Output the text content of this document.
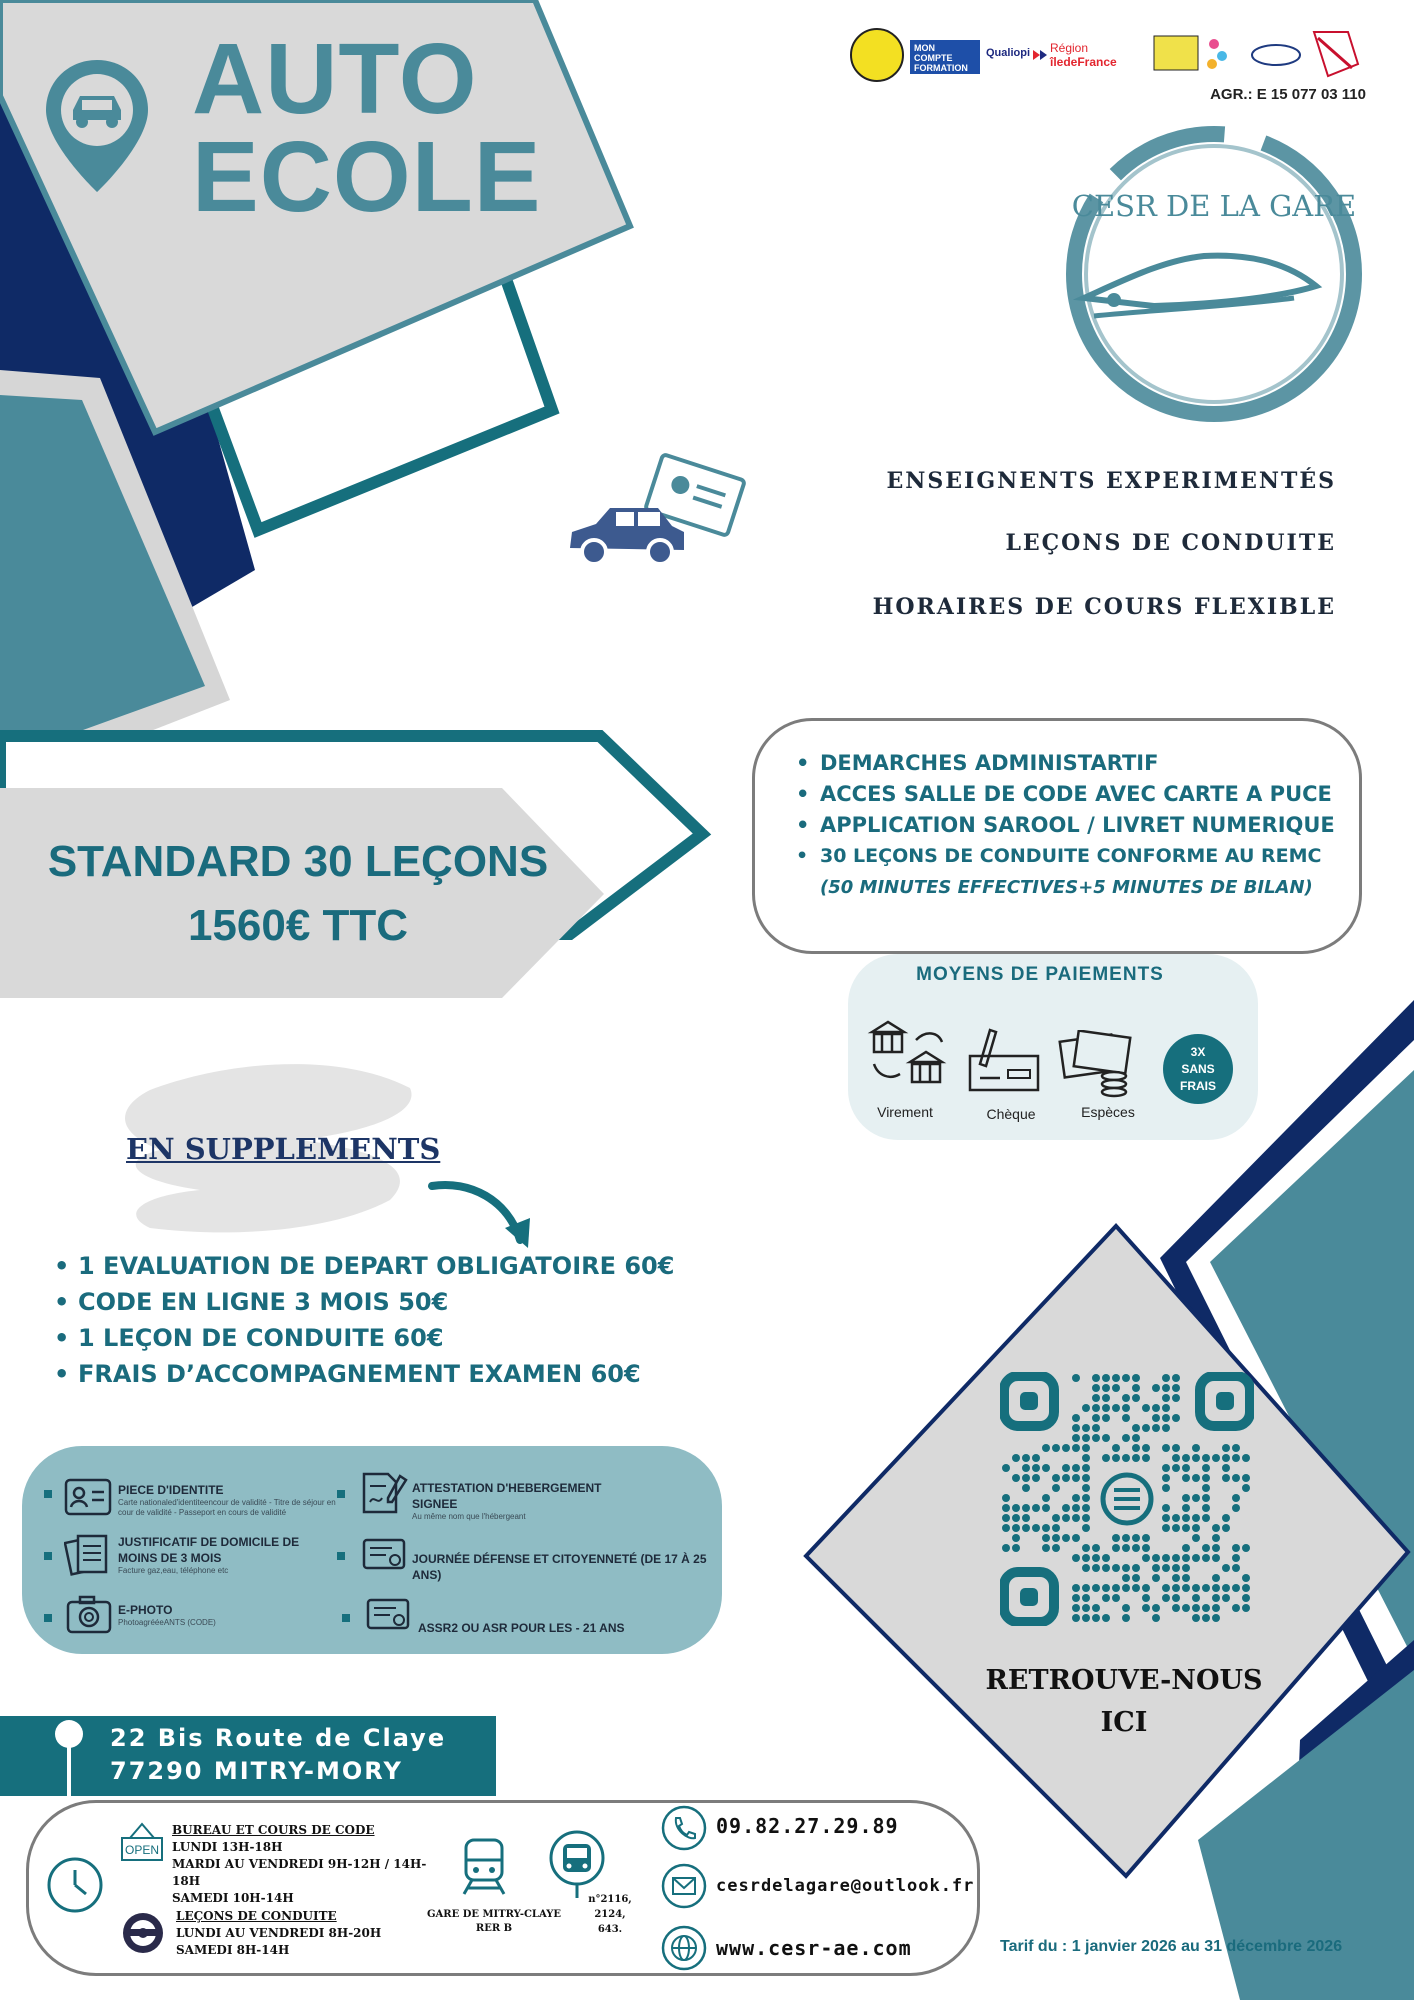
AUTO
ECOLE
MON
COMPTE
FORMATION
Qualiopi Région
îledeFrance
AGR.: E 15 077 03 110
CESR DE LA GARE
ENSEIGNENTS EXPERIMENTÉS
LEÇONS DE CONDUITE
HORAIRES DE COURS FLEXIBLE
STANDARD 30 LEÇONS
1560€ TTC
• DEMARCHES ADMINISTARTIF
• ACCES SALLE DE CODE AVEC CARTE A PUCE
• APPLICATION SAROOL / LIVRET NUMERIQUE
• 30 LEÇONS DE CONDUITE CONFORME AU REMC
(50 MINUTES EFFECTIVES+5 MINUTES DE BILAN)
MOYENS DE PAIEMENTS
Virement	Chèque	Espèces
3X
SANS
FRAIS
EN SUPPLEMENTS
• 1 EVALUATION DE DEPART OBLIGATOIRE 60€
• CODE EN LIGNE 3 MOIS 50€
• 1 LEÇON DE CONDUITE 60€
• FRAIS D’ACCOMPAGNEMENT EXAMEN 60€
PIECE D'IDENTITE
Carte nationaled'identiteencour de validité - Titre de séjour en cour de validité - Passeport en cours de validité
JUSTIFICATIF DE DOMICILE DE MOINS DE 3 MOIS
Facture gaz,eau, téléphone etc
E-PHOTO
PhotoagrééeANTS (CODE)
ATTESTATION D'HEBERGEMENT SIGNEE
Au même nom que l'hébergeant
JOURNÉE DÉFENSE ET CITOYENNETÉ (DE 17 À 25 ANS)
ASSR2 OU ASR POUR LES - 21 ANS
RETROUVE-NOUS
ICI
22 Bis Route de Claye
77290 MITRY-MORY
OPEN
BUREAU ET COURS DE CODE
LUNDI 13H-18H
MARDI AU VENDREDI 9H-12H / 14H-18H
SAMEDI 10H-14H
LEÇONS DE CONDUITE
LUNDI AU VENDREDI 8H-20H
SAMEDI 8H-14H
GARE DE MITRY-CLAYE
RER B
n°2116,
2124,
643.
09.82.27.29.89
cesrdelagare@outlook.fr
www.cesr-ae.com	Tarif du : 1 janvier 2026 au 31 décembre 2026
